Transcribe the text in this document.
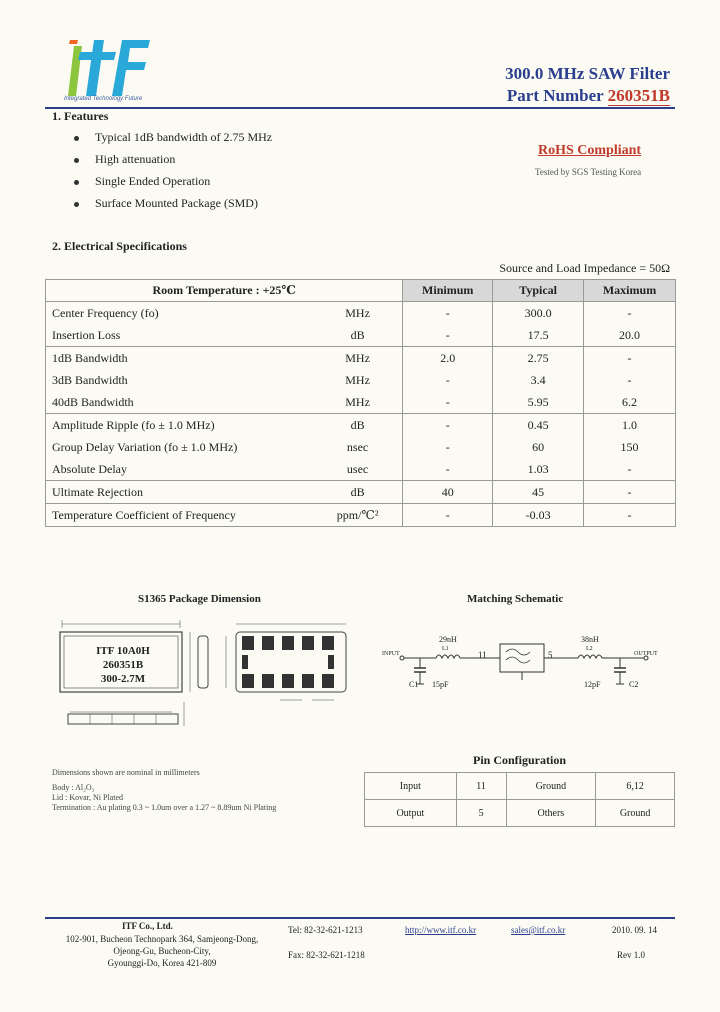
Integrated Technology Future
300.0 MHz SAW Filter
Part Number 260351B
1. Features
Typical 1dB bandwidth of 2.75 MHz
High attenuation
Single Ended Operation
Surface Mounted Package (SMD)
RoHS Compliant
Tested by SGS Testing Korea
2. Electrical Specifications
Source and Load Impedance = 50Ω
Room Temperature : +25℃		Minimum	Typical	Maximum
Center Frequency (fo)	MHz	-	300.0	-
Insertion Loss	dB	-	17.5	20.0
1dB Bandwidth	MHz	2.0	2.75	-
3dB Bandwidth	MHz	-	3.4	-
40dB Bandwidth	MHz	-	5.95	6.2
Amplitude Ripple (fo ± 1.0 MHz)	dB	-	0.45	1.0
Group Delay Variation (fo ± 1.0 MHz)	nsec	-	60	150
Absolute Delay	usec	-	1.03	-
Ultimate Rejection	dB	40	45	-
Temperature Coefficient of Frequency	ppm/℃²	-	-0.03	-
S1365 Package Dimension
ITF 10A0H
260351B
300-2.7M
Dimensions shown are nominal in millimeters
Body : Al₂O₃
Lid : Kovar, Ni Plated
Termination : Au plating 0.3 ~ 1.0um over a 1.27 ~ 8.89um Ni Plating
Matching Schematic
INPUT	OUTPUT
29nH
L1
C1 15pF
11	5
38nH
L2
12pF	C2
Pin Configuration			
Input	11	Ground	6,12
Output	5	Others	Ground
ITF Co., Ltd.
102-901, Bucheon Technopark 364, Samjeong-Dong,
Ojeong-Gu, Bucheon-City,
Gyounggi-Do, Korea 421-809
Tel: 82-32-621-1213
Fax: 82-32-621-1218
http://www.itf.co.kr	sales@itf.co.kr	2010. 09. 14
Rev 1.0
